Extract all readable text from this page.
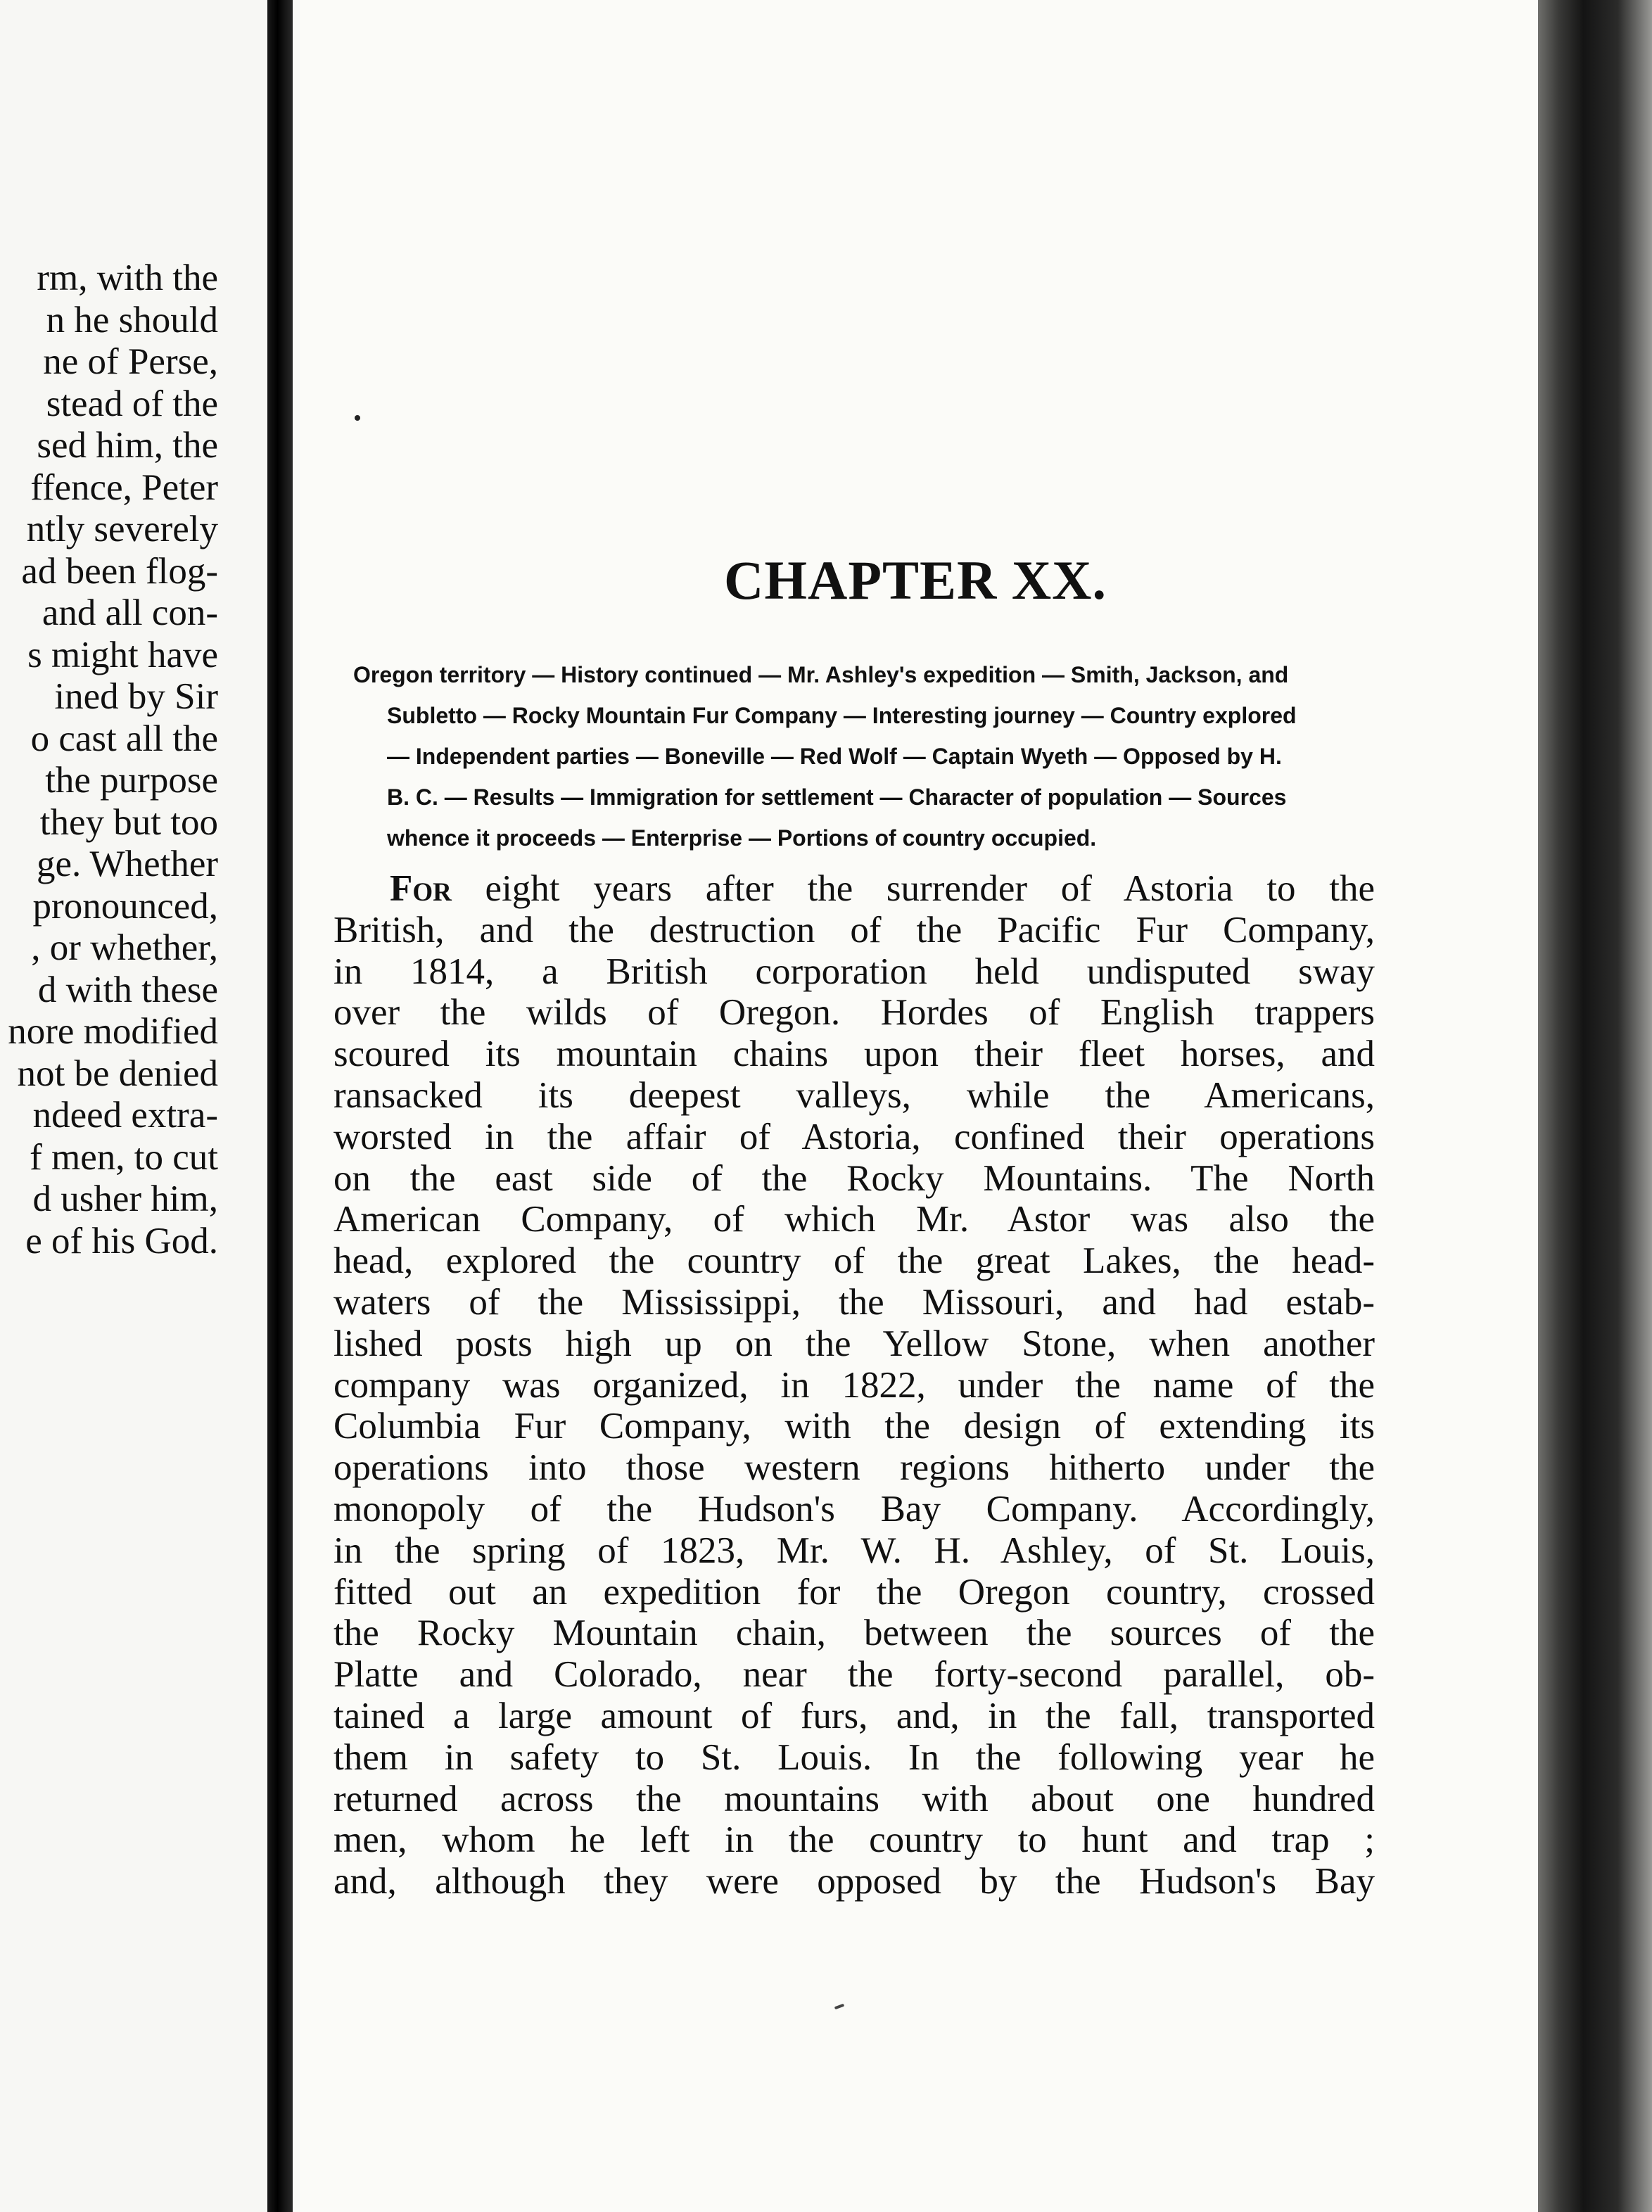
rm, with the
n he should
ne of Perse,
stead of the
sed him, the
ffence, Peter
ntly severely
ad been flog-
and all con-
s might have
ined by Sir
o cast all the
the purpose
they but too
ge. Whether
pronounced,
, or whether,
d with these
nore modified
not be denied
ndeed extra-
f men, to cut
d usher him,
e of his God.
CHAPTER XX.
Oregon territory — History continued — Mr. Ashley's expedition — Smith, Jackson, and
Subletto — Rocky Mountain Fur Company — Interesting journey — Country explored
— Independent parties — Boneville — Red Wolf — Captain Wyeth — Opposed by H.
B. C. — Results — Immigration for settlement — Character of population — Sources
whence it proceeds — Enterprise — Portions of country occupied.
For eight years after the surrender of Astoria to the
British, and the destruction of the Pacific Fur Company,
in 1814, a British corporation held undisputed sway
over the wilds of Oregon. Hordes of English trappers
scoured its mountain chains upon their fleet horses, and
ransacked its deepest valleys, while the Americans,
worsted in the affair of Astoria, confined their operations
on the east side of the Rocky Mountains. The North
American Company, of which Mr. Astor was also the
head, explored the country of the great Lakes, the head-
waters of the Mississippi, the Missouri, and had estab-
lished posts high up on the Yellow Stone, when another
company was organized, in 1822, under the name of the
Columbia Fur Company, with the design of extending its
operations into those western regions hitherto under the
monopoly of the Hudson's Bay Company. Accordingly,
in the spring of 1823, Mr. W. H. Ashley, of St. Louis,
fitted out an expedition for the Oregon country, crossed
the Rocky Mountain chain, between the sources of the
Platte and Colorado, near the forty-second parallel, ob-
tained a large amount of furs, and, in the fall, transported
them in safety to St. Louis. In the following year he
returned across the mountains with about one hundred
men, whom he left in the country to hunt and trap ;
and, although they were opposed by the Hudson's Bay
